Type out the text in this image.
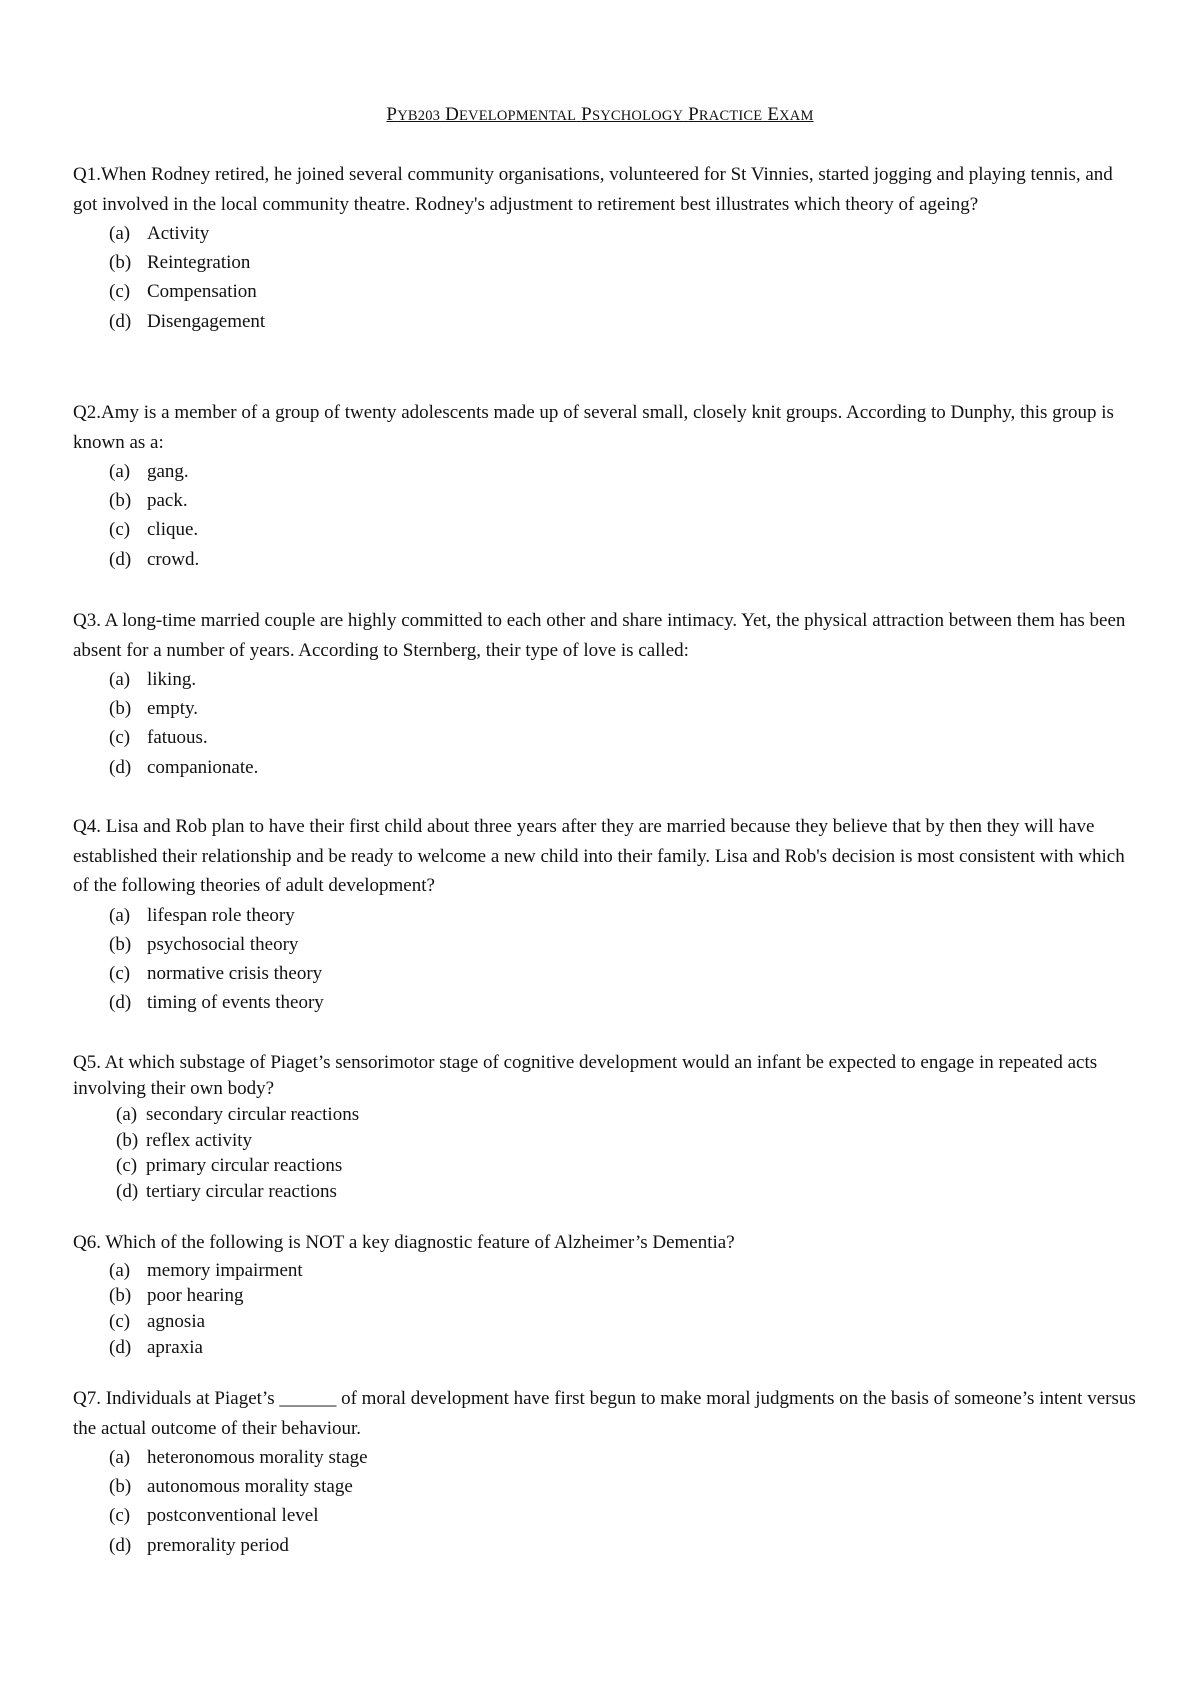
PYB203 DEVELOPMENTAL PSYCHOLOGY PRACTICE EXAM

Q1.When Rodney retired, he joined several community organisations, volunteered for St Vinnies, started jogging and playing tennis, and got involved in the local community theatre. Rodney's adjustment to retirement best illustrates which theory of ageing?

(a) Activity
(b) Reintegration
(c) Compensation
(d) Disengagement

Q2.Amy is a member of a group of twenty adolescents made up of several small, closely knit groups. According to Dunphy, this group is known as a:

(a) gang.
(b) pack.
(c) clique.
(d) crowd.

Q3. A long-time married couple are highly committed to each other and share intimacy. Yet, the physical attraction between them has been absent for a number of years. According to Sternberg, their type of love is called:

(a) liking.
(b) empty.
(c) fatuous.
(d) companionate.

Q4. Lisa and Rob plan to have their first child about three years after they are married because they believe that by then they will have established their relationship and be ready to welcome a new child into their family. Lisa and Rob's decision is most consistent with which of the following theories of adult development?

(a) lifespan role theory
(b) psychosocial theory
(c) normative crisis theory
(d) timing of events theory

Q5. At which substage of Piaget’s sensorimotor stage of cognitive development would an infant be expected to engage in repeated acts involving their own body?

(a) secondary circular reactions
(b) reflex activity
(c) primary circular reactions
(d) tertiary circular reactions

Q6. Which of the following is NOT a key diagnostic feature of Alzheimer’s Dementia?

(a) memory impairment
(b) poor hearing
(c) agnosia
(d) apraxia

Q7. Individuals at Piaget’s ______ of moral development have first begun to make moral judgments on the basis of someone’s intent versus the actual outcome of their behaviour.

(a) heteronomous morality stage
(b) autonomous morality stage
(c) postconventional level
(d) premorality period
